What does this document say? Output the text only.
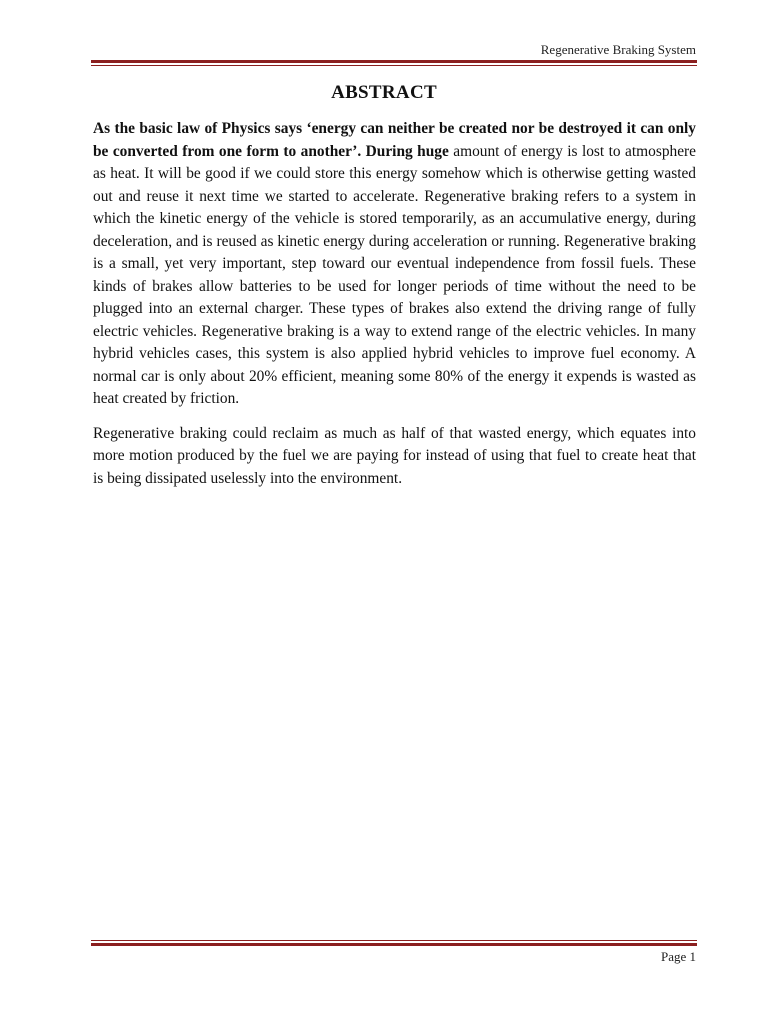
Regenerative Braking System
ABSTRACT

As the basic law of Physics says ‘energy can neither be created nor be destroyed it can only be converted from one form to another’. During huge amount of energy is lost to atmosphere as heat. It will be good if we could store this energy somehow which is otherwise getting wasted out and reuse it next time we started to accelerate. Regenerative braking refers to a system in which the kinetic energy of the vehicle is stored temporarily, as an accumulative energy, during deceleration, and is reused as kinetic energy during acceleration or running. Regenerative braking is a small, yet very important, step toward our eventual independence from fossil fuels. These kinds of brakes allow batteries to be used for longer periods of time without the need to be plugged into an external charger. These types of brakes also extend the driving range of fully electric vehicles. Regenerative braking is a way to extend range of the electric vehicles. In many hybrid vehicles cases, this system is also applied hybrid vehicles to improve fuel economy. A normal car is only about 20% efficient, meaning some 80% of the energy it expends is wasted as heat created by friction.

Regenerative braking could reclaim as much as half of that wasted energy, which equates into more motion produced by the fuel we are paying for instead of using that fuel to create heat that is being dissipated uselessly into the environment.

Page 1
